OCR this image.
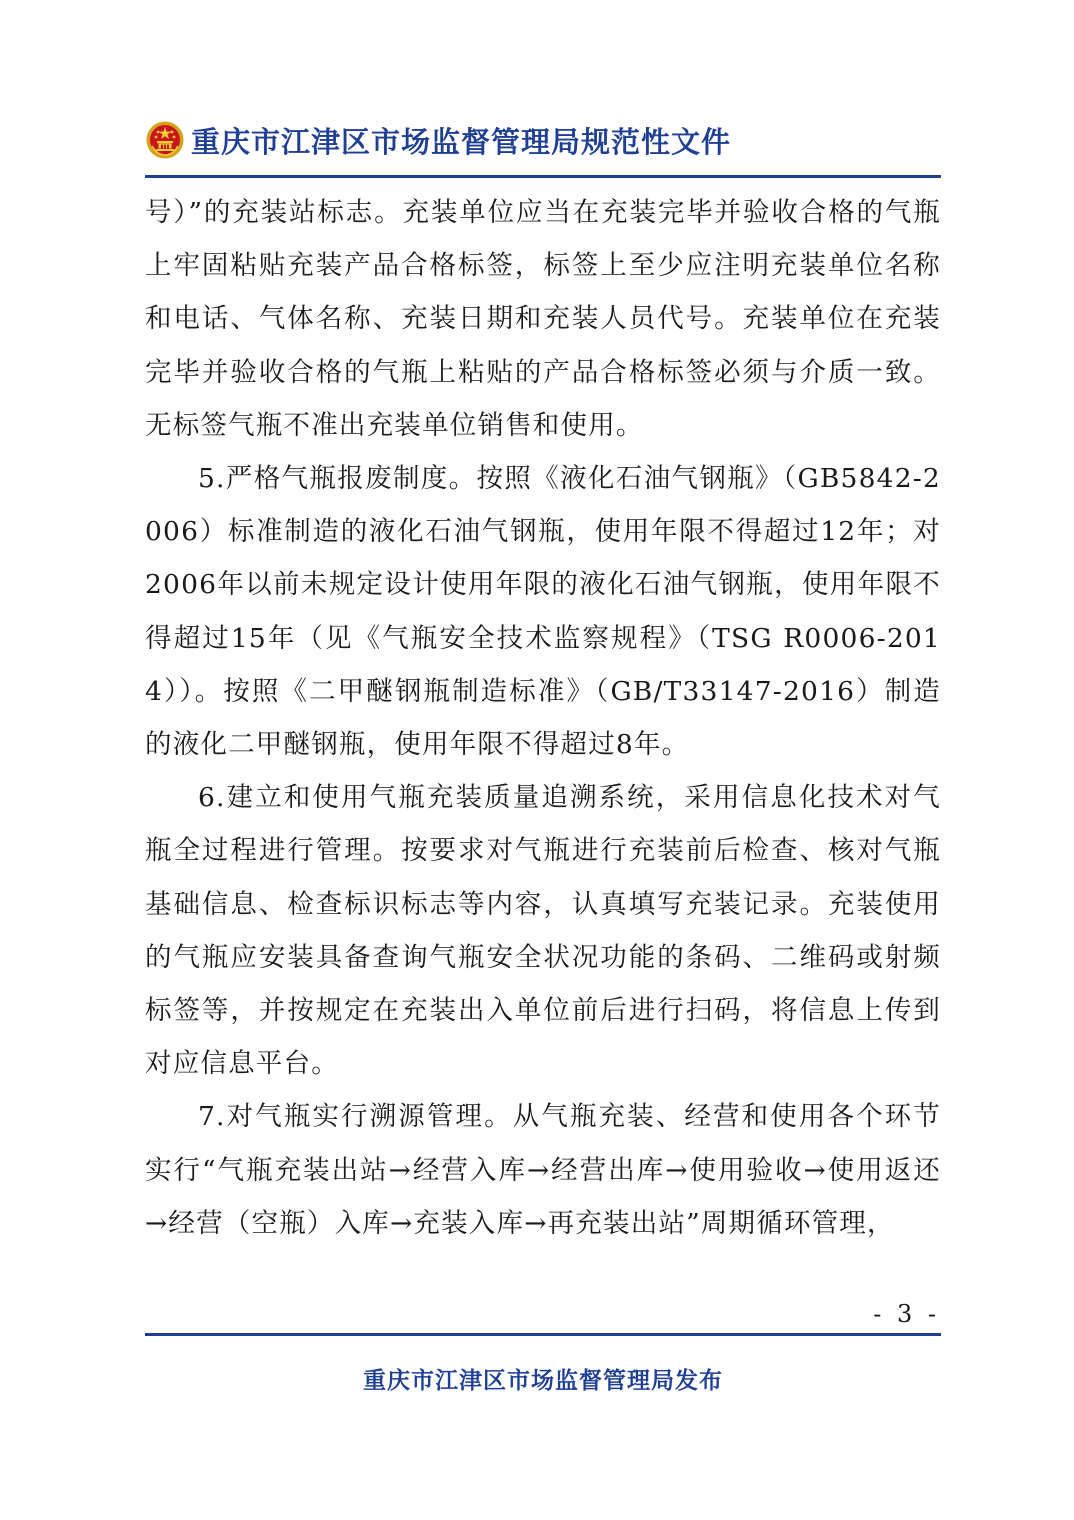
重庆市江津区市场监督管理局规范性文件

号）”的充装站标志。充装单位应当在充装完毕并验收合格的气瓶上牢固粘贴充装产品合格标签，标签上至少应注明充装单位名称和电话、气体名称、充装日期和充装人员代号。充装单位在充装完毕并验收合格的气瓶上粘贴的产品合格标签必须与介质一致。无标签气瓶不准出充装单位销售和使用。

5.严格气瓶报废制度。按照《液化石油气钢瓶》（GB5842-2006）标准制造的液化石油气钢瓶，使用年限不得超过12年；对2006年以前未规定设计使用年限的液化石油气钢瓶，使用年限不得超过15年（见《气瓶安全技术监察规程》（TSG R0006-2014））。按照《二甲醚钢瓶制造标准》（GB/T33147-2016）制造的液化二甲醚钢瓶，使用年限不得超过8年。

6.建立和使用气瓶充装质量追溯系统，采用信息化技术对气瓶全过程进行管理。按要求对气瓶进行充装前后检查、核对气瓶基础信息、检查标识标志等内容，认真填写充装记录。充装使用的气瓶应安装具备查询气瓶安全状况功能的条码、二维码或射频标签等，并按规定在充装出入单位前后进行扫码，将信息上传到对应信息平台。

7.对气瓶实行溯源管理。从气瓶充装、经营和使用各个环节实行“气瓶充装出站→经营入库→经营出库→使用验收→使用返还→经营（空瓶）入库→充装入库→再充装出站”周期循环管理，

- 3 -
重庆市江津区市场监督管理局发布
